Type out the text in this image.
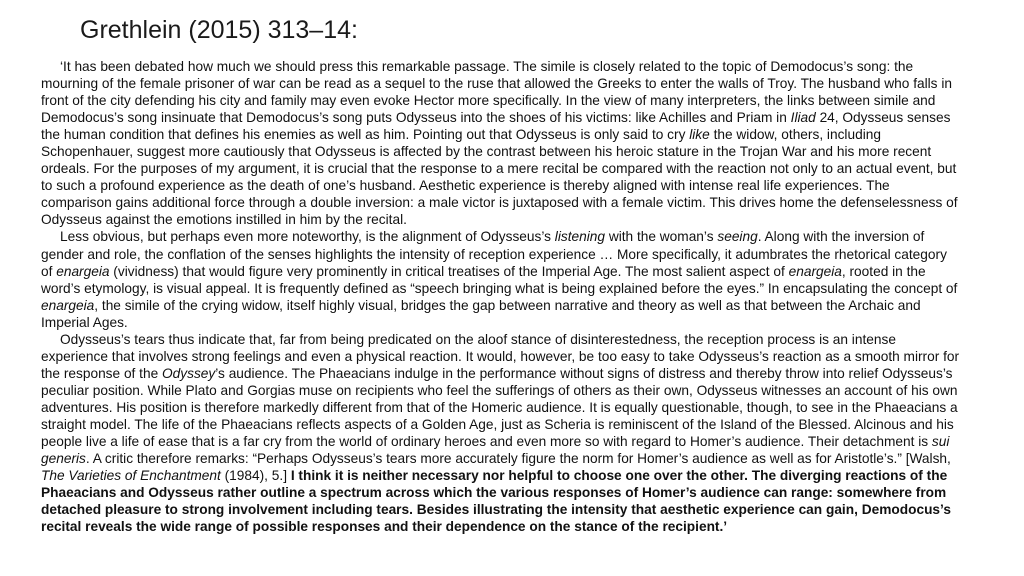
Grethlein (2015) 313–14:

‘It has been debated how much we should press this remarkable passage. The simile is closely related to the topic of Demodocus’s song: the mourning of the female prisoner of war can be read as a sequel to the ruse that allowed the Greeks to enter the walls of Troy. The husband who falls in front of the city defending his city and family may even evoke Hector more specifically. In the view of many interpreters, the links between simile and Demodocus’s song insinuate that Demodocus’s song puts Odysseus into the shoes of his victims: like Achilles and Priam in Iliad 24, Odysseus senses the human condition that defines his enemies as well as him. Pointing out that Odysseus is only said to cry like the widow, others, including Schopenhauer, suggest more cautiously that Odysseus is affected by the contrast between his heroic stature in the Trojan War and his more recent ordeals. For the purposes of my argument, it is crucial that the response to a mere recital be compared with the reaction not only to an actual event, but to such a profound experience as the death of one’s husband. Aesthetic experience is thereby aligned with intense real life experiences. The comparison gains additional force through a double inversion: a male victor is juxtaposed with a female victim. This drives home the defenselessness of Odysseus against the emotions instilled in him by the recital.

Less obvious, but perhaps even more noteworthy, is the alignment of Odysseus’s listening with the woman’s seeing. Along with the inversion of gender and role, the conflation of the senses highlights the intensity of reception experience … More specifically, it adumbrates the rhetorical category of enargeia (vividness) that would figure very prominently in critical treatises of the Imperial Age. The most salient aspect of enargeia, rooted in the word’s etymology, is visual appeal. It is frequently defined as “speech bringing what is being explained before the eyes.” In encapsulating the concept of enargeia, the simile of the crying widow, itself highly visual, bridges the gap between narrative and theory as well as that between the Archaic and Imperial Ages.

Odysseus’s tears thus indicate that, far from being predicated on the aloof stance of disinterestedness, the reception process is an intense experience that involves strong feelings and even a physical reaction. It would, however, be too easy to take Odysseus’s reaction as a smooth mirror for the response of the Odyssey’s audience. The Phaeacians indulge in the performance without signs of distress and thereby throw into relief Odysseus’s peculiar position. While Plato and Gorgias muse on recipients who feel the sufferings of others as their own, Odysseus witnesses an account of his own adventures. His position is therefore markedly different from that of the Homeric audience. It is equally questionable, though, to see in the Phaeacians a straight model. The life of the Phaeacians reflects aspects of a Golden Age, just as Scheria is reminiscent of the Island of the Blessed. Alcinous and his people live a life of ease that is a far cry from the world of ordinary heroes and even more so with regard to Homer’s audience. Their detachment is sui generis. A critic therefore remarks: “Perhaps Odysseus’s tears more accurately figure the norm for Homer’s audience as well as for Aristotle’s.” [Walsh, The Varieties of Enchantment (1984), 5.] I think it is neither necessary nor helpful to choose one over the other. The diverging reactions of the Phaeacians and Odysseus rather outline a spectrum across which the various responses of Homer’s audience can range: somewhere from detached pleasure to strong involvement including tears. Besides illustrating the intensity that aesthetic experience can gain, Demodocus’s recital reveals the wide range of possible responses and their dependence on the stance of the recipient.’
